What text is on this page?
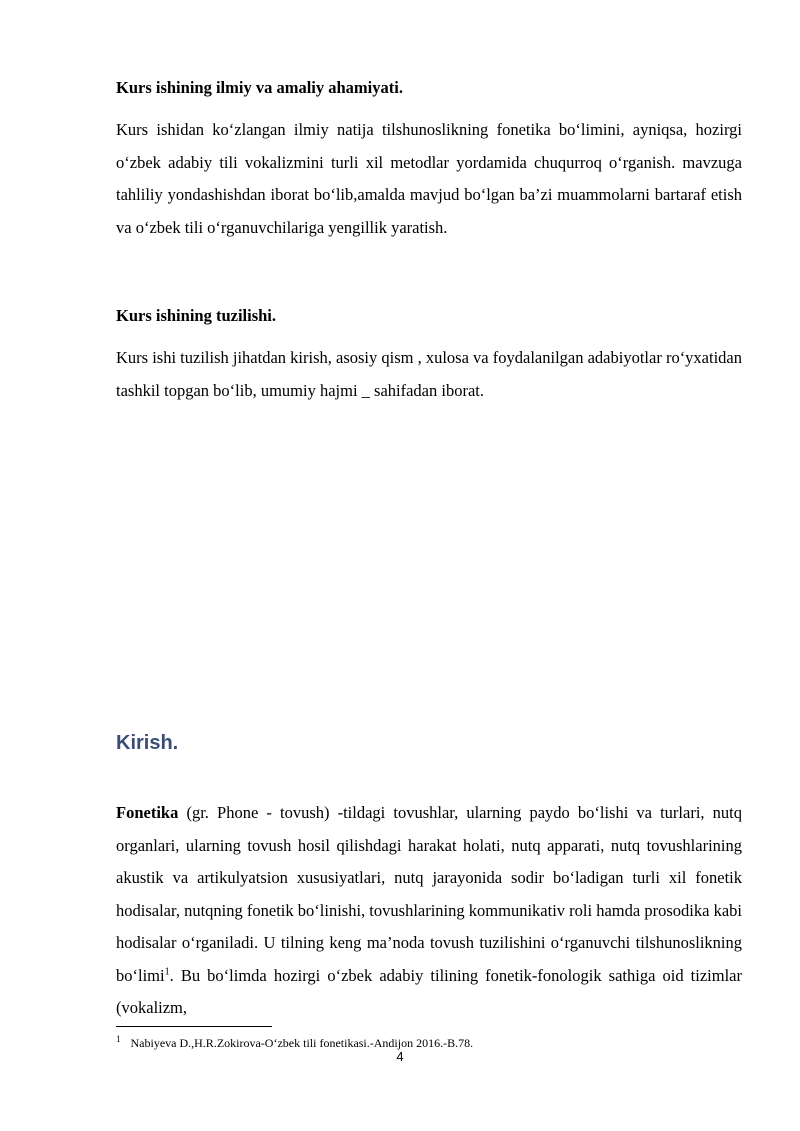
Kurs ishining ilmiy va amaliy ahamiyati.

Kurs ishidan ko‘zlangan ilmiy natija tilshunoslikning fonetika bo‘limini, ayniqsa, hozirgi o‘zbek adabiy tili vokalizmini turli xil metodlar yordamida chuqurroq o‘rganish. mavzuga tahliliy yondashishdan iborat bo‘lib,amalda mavjud bo‘lgan ba’zi muammolarni bartaraf etish va o‘zbek tili o‘rganuvchilariga yengillik yaratish.

Kurs ishining tuzilishi.

Kurs ishi tuzilish jihatdan kirish, asosiy qism , xulosa va foydalanilgan adabiyotlar ro‘yxatidan tashkil topgan bo‘lib, umumiy hajmi _ sahifadan iborat.

Kirish.

Fonetika (gr. Phone - tovush) -tildagi tovushlar, ularning paydo bo‘lishi va turlari, nutq organlari, ularning tovush hosil qilishdagi harakat holati, nutq apparati, nutq tovushlarining akustik va artikulyatsion xususiyatlari, nutq jarayonida sodir bo‘ladigan turli xil fonetik hodisalar, nutqning fonetik bo‘linishi, tovushlarining kommunikativ roli hamda prosodika kabi hodisalar o‘rganiladi. U tilning keng ma’noda tovush tuzilishini o‘rganuvchi tilshunoslikning bo‘limi$^1$. Bu bo‘limda hozirgi o‘zbek adabiy tilining fonetik-fonologik sathiga oid tizimlar (vokalizm,

$^1$ Nabiyeva D.,H.R.Zokirova-O‘zbek tili fonetikasi.-Andijon 2016.-B.78.
4
